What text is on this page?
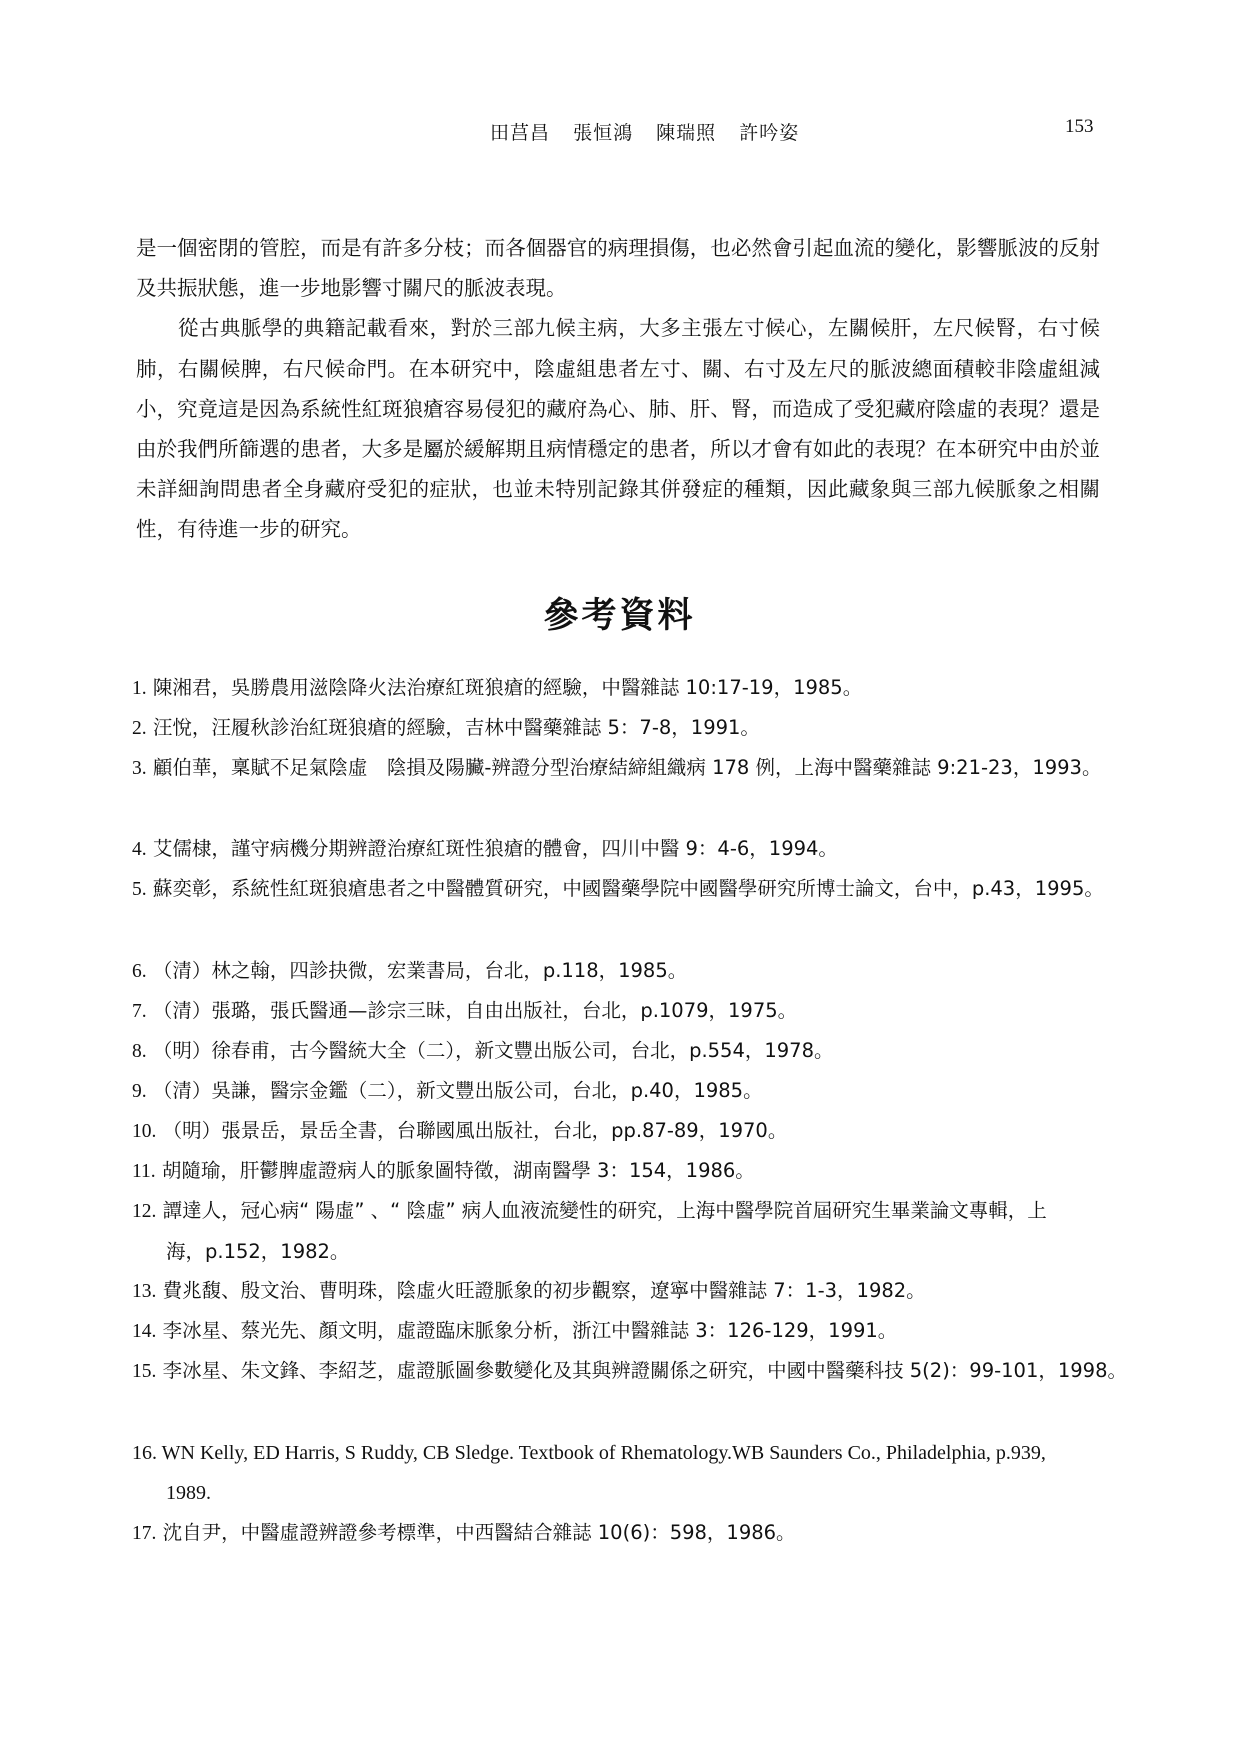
田莒昌 張恒鴻 陳瑞照 許吟姿	153

是一個密閉的管腔，而是有許多分枝；而各個器官的病理損傷，也必然會引起血流的變化，影響脈波的反射及共振狀態，進一步地影響寸關尺的脈波表現。

從古典脈學的典籍記載看來，對於三部九候主病，大多主張左寸候心，左關候肝，左尺候腎，右寸候肺，右關候脾，右尺候命門。在本研究中，陰虛組患者左寸、關、右寸及左尺的脈波總面積較非陰虛組減小，究竟這是因為系統性紅斑狼瘡容易侵犯的藏府為心、肺、肝、腎，而造成了受犯藏府陰虛的表現？還是由於我們所篩選的患者，大多是屬於緩解期且病情穩定的患者，所以才會有如此的表現？在本研究中由於並未詳細詢問患者全身藏府受犯的症狀，也並未特別記錄其併發症的種類，因此藏象與三部九候脈象之相關性，有待進一步的研究。

參考資料
1. 陳湘君，吳勝農用滋陰降火法治療紅斑狼瘡的經驗，中醫雜誌 10:17-19，1985。
2. 汪悅，汪履秋診治紅斑狼瘡的經驗，吉林中醫藥雜誌 5：7-8，1991。
3. 顧伯華，稟賦不足氣陰虛　陰損及陽臟-辨證分型治療結締組織病 178 例，上海中醫藥雜誌 9:21-23，1993。
4. 艾儒棣，謹守病機分期辨證治療紅斑性狼瘡的體會，四川中醫 9：4-6，1994。
5. 蘇奕彰，系統性紅斑狼瘡患者之中醫體質研究，中國醫藥學院中國醫學研究所博士論文，台中，p.43，1995。
6. （清）林之翰，四診抉微，宏業書局，台北，p.118，1985。
7. （清）張璐，張氏醫通—診宗三昧，自由出版社，台北，p.1079，1975。
8. （明）徐春甫，古今醫統大全（二），新文豐出版公司，台北，p.554，1978。
9. （清）吳謙，醫宗金鑑（二），新文豐出版公司，台北，p.40，1985。
10. （明）張景岳，景岳全書，台聯國風出版社，台北，pp.87-89，1970。
11. 胡隨瑜，肝鬱脾虛證病人的脈象圖特徵，湖南醫學 3：154，1986。
12. 譚達人，冠心病“ 陽虛” 、“ 陰虛” 病人血液流變性的研究，上海中醫學院首屆研究生畢業論文專輯，上
海，p.152，1982。
13. 費兆馥、殷文治、曹明珠，陰虛火旺證脈象的初步觀察，遼寧中醫雜誌 7：1-3，1982。
14. 李冰星、蔡光先、顏文明，虛證臨床脈象分析，浙江中醫雜誌 3：126-129，1991。
15. 李冰星、朱文鋒、李紹芝，虛證脈圖參數變化及其與辨證關係之研究，中國中醫藥科技 5(2)：99-101，1998。
16. WN Kelly, ED Harris, S Ruddy, CB Sledge. Textbook of Rhematology.WB Saunders Co., Philadelphia, p.939,
1989.
17. 沈自尹，中醫虛證辨證參考標準，中西醫結合雜誌 10(6)：598，1986。
